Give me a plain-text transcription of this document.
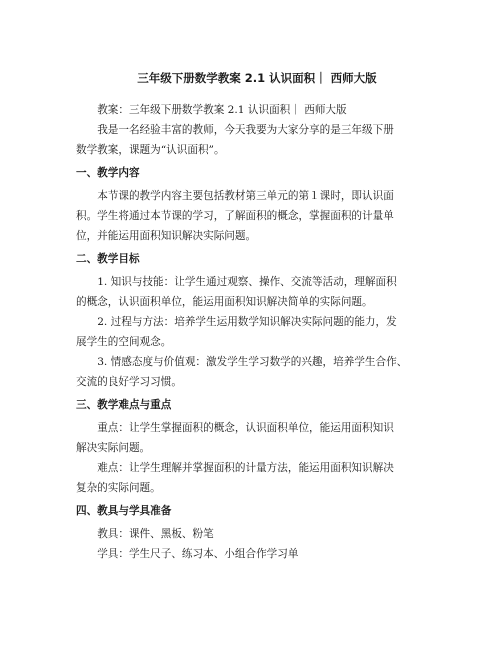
三年级下册数学教案 2.1 认识面积｜ 西师大版

教案：三年级下册数学教案 2.1 认识面积｜ 西师大版

我是一名经验丰富的教师，今天我要为大家分享的是三年级下册
数学教案，课题为“认识面积”。

一、教学内容

本节课的教学内容主要包括教材第三单元的第１课时，即认识面
积。学生将通过本节课的学习，了解面积的概念，掌握面积的计量单
位，并能运用面积知识解决实际问题。

二、教学目标

1. 知识与技能：让学生通过观察、操作、交流等活动，理解面积
的概念，认识面积单位，能运用面积知识解决简单的实际问题。

2. 过程与方法：培养学生运用数学知识解决实际问题的能力，发
展学生的空间观念。

3. 情感态度与价值观：激发学生学习数学的兴趣，培养学生合作、
交流的良好学习习惯。

三、教学难点与重点

重点：让学生掌握面积的概念，认识面积单位，能运用面积知识
解决实际问题。

难点：让学生理解并掌握面积的计量方法，能运用面积知识解决
复杂的实际问题。

四、教具与学具准备

教具：课件、黑板、粉笔

学具：学生尺子、练习本、小组合作学习单
